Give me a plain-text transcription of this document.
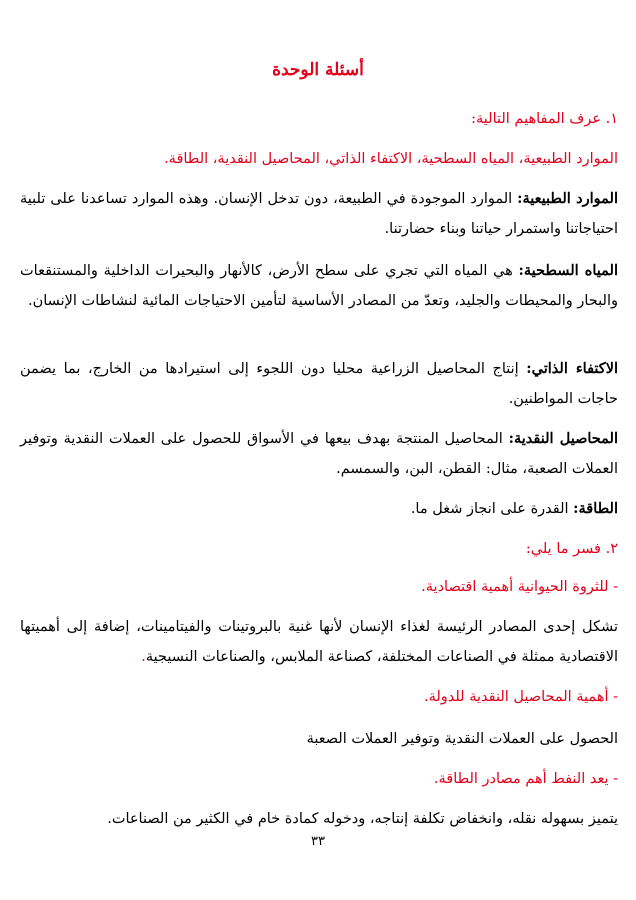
أسئلة الوحدة
١. عرف المفاهيم التالية:
الموارد الطبيعية، المياه السطحية، الاكتفاء الذاتي، المحاصيل النقدية، الطاقة.
الموارد الطبيعية: الموارد الموجودة في الطبيعة، دون تدخل الإنسان. وهذه الموارد تساعدنا على تلبية احتياجاتنا واستمرار حياتنا وبناء حضارتنا.
المياه السطحية: هي المياه التي تجري على سطح الأرض، كالأنهار والبحيرات الداخلية والمستنقعات والبحار والمحيطات والجليد، وتعدّ من المصادر الأساسية لتأمين الاحتياجات المائية لنشاطات الإنسان.
الاكتفاء الذاتي: إنتاج المحاصيل الزراعية محليا دون اللجوء إلى استيرادها من الخارج، بما يضمن حاجات المواطنين.
المحاصيل النقدية: المحاصيل المنتجة بهدف بيعها في الأسواق للحصول على العملات النقدية وتوفير العملات الصعبة، مثال: القطن، البن، والسمسم.
الطاقة: القدرة على انجاز شغل ما.
٢. فسر ما يلي:
- للثروة الحيوانية أهمية اقتصادية.
تشكل إحدى المصادر الرئيسة لغذاء الإنسان لأنها غنية بالبروتينات والفيتامينات، إضافة إلى أهميتها الاقتصادية ممثلة في الصناعات المختلفة، كصناعة الملابس، والصناعات النسيجية.
- أهمية المحاصيل النقدية للدولة.
الحصول على العملات النقدية وتوفير العملات الصعبة
- يعد النفط أهم مصادر الطاقة.
يتميز بسهوله نقله، وانخفاض تكلفة إنتاجه، ودخوله كمادة خام في الكثير من الصناعات.
٣٣
